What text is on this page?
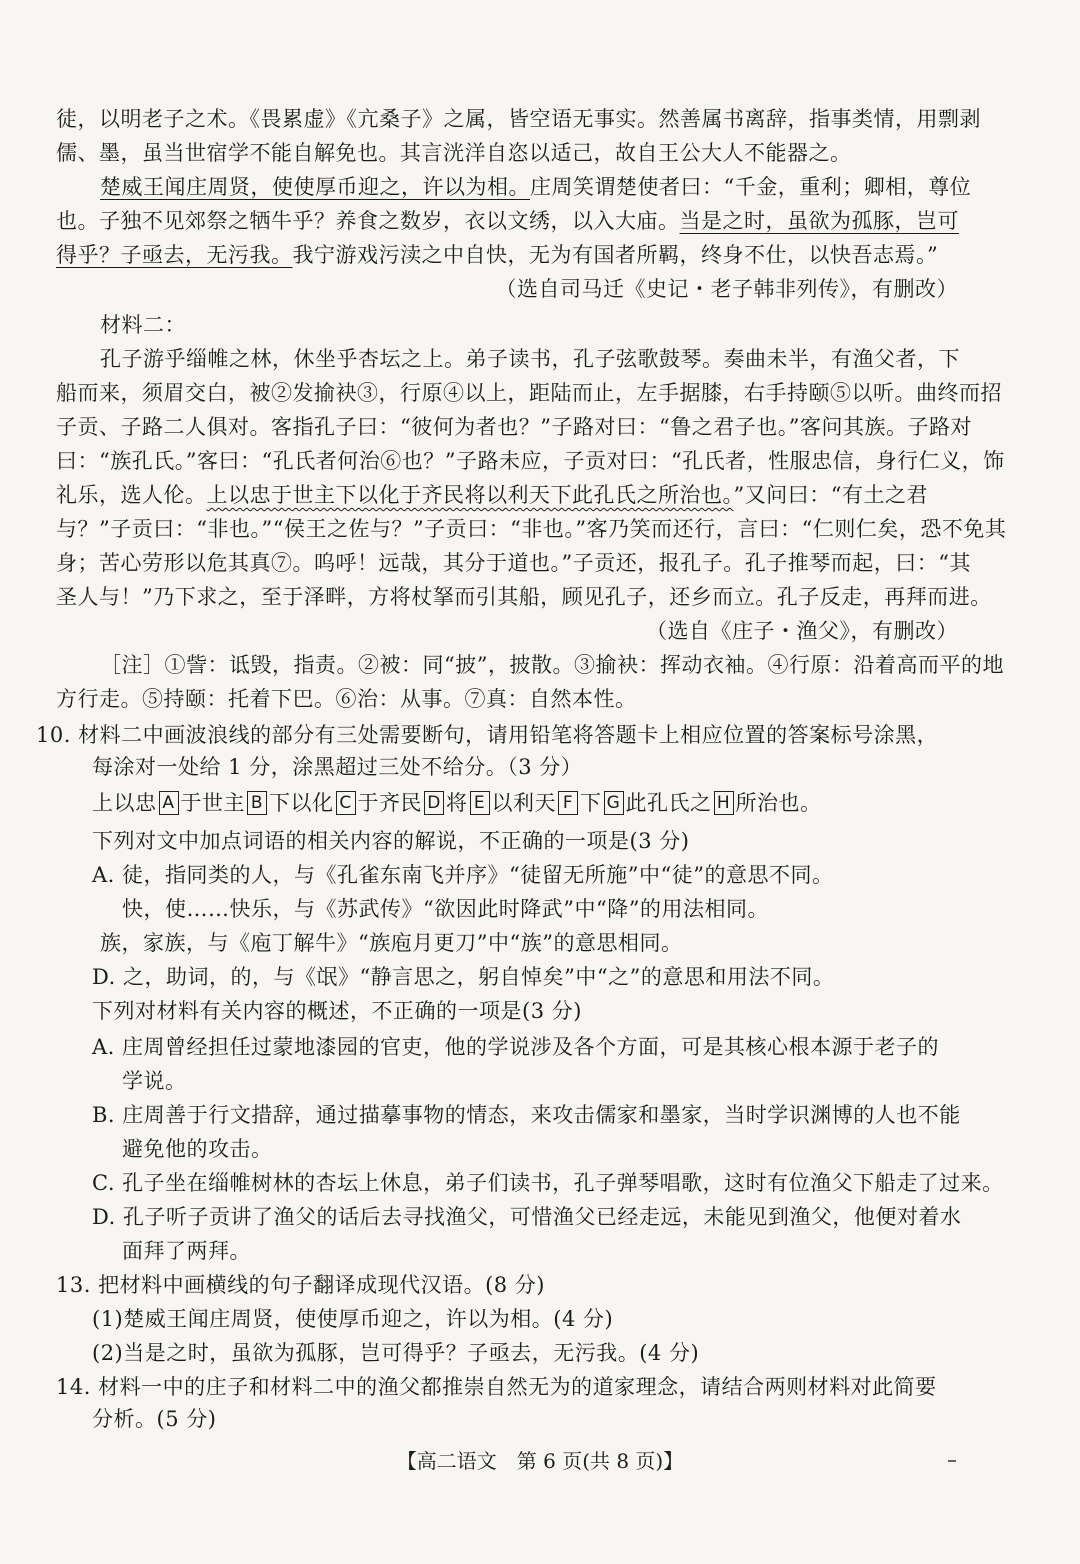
徒，以明老子之术。《畏累虚》《亢桑子》之属，皆空语无事实。然善属书离辞，指事类情，用剽剥
儒、墨，虽当世宿学不能自解免也。其言洸洋自恣以适己，故自王公大人不能器之。
楚威王闻庄周贤，使使厚币迎之，许以为相。庄周笑谓楚使者曰：“千金，重利；卿相，尊位
也。子独不见郊祭之牺牛乎？养食之数岁，衣以文绣，以入大庙。当是之时，虽欲为孤豚，岂可
得乎？子亟去，无污我。我宁游戏污渎之中自快，无为有国者所羁，终身不仕，以快吾志焉。”
（选自司马迁《史记・老子韩非列传》，有删改）
材料二：
孔子游乎缁帷之林，休坐乎杏坛之上。弟子读书，孔子弦歌鼓琴。奏曲未半，有渔父者，下
船而来，须眉交白，被②发揄袂③，行原④以上，距陆而止，左手据膝，右手持颐⑤以听。曲终而招
子贡、子路二人俱对。客指孔子曰：“彼何为者也？”子路对曰：“鲁之君子也。”客问其族。子路对
曰：“族孔氏。”客曰：“孔氏者何治⑥也？”子路未应，子贡对曰：“孔氏者，性服忠信，身行仁义，饰
礼乐，选人伦。上以忠于世主下以化于齐民将以利天下此孔氏之所治也。”又问曰：“有土之君
与？”子贡曰：“非也。”“侯王之佐与？”子贡曰：“非也。”客乃笑而还行，言曰：“仁则仁矣，恐不免其
身；苦心劳形以危其真⑦。呜呼！远哉，其分于道也。”子贡还，报孔子。孔子推琴而起，曰：“其
圣人与！”乃下求之，至于泽畔，方将杖拏而引其船，顾见孔子，还乡而立。孔子反走，再拜而进。
（选自《庄子・渔父》，有删改）
［注］①訾：诋毁，指责。②被：同“披”，披散。③揄袂：挥动衣袖。④行原：沿着高而平的地
方行走。⑤持颐：托着下巴。⑥治：从事。⑦真：自然本性。
10. 材料二中画波浪线的部分有三处需要断句，请用铅笔将答题卡上相应位置的答案标号涂黑，
每涂对一处给 1 分，涂黑超过三处不给分。（3 分）
上以忠 A 于世主 B 下以化 C 于齐民 D 将 E 以利天 F 下 G 此孔氏之 H 所治也。
下列对文中加点词语的相关内容的解说，不正确的一项是(3 分)
A. 徒，指同类的人，与《孔雀东南飞并序》“徒留无所施”中“徒”的意思不同。
快，使……快乐，与《苏武传》“欲因此时降武”中“降”的用法相同。
族，家族，与《庖丁解牛》“族庖月更刀”中“族”的意思相同。
D. 之，助词，的，与《氓》“静言思之，躬自悼矣”中“之”的意思和用法不同。
下列对材料有关内容的概述，不正确的一项是(3 分)
A. 庄周曾经担任过蒙地漆园的官吏，他的学说涉及各个方面，可是其核心根本源于老子的
学说。
B. 庄周善于行文措辞，通过描摹事物的情态，来攻击儒家和墨家，当时学识渊博的人也不能
避免他的攻击。
C. 孔子坐在缁帷树林的杏坛上休息，弟子们读书，孔子弹琴唱歌，这时有位渔父下船走了过来。
D. 孔子听子贡讲了渔父的话后去寻找渔父，可惜渔父已经走远，未能见到渔父，他便对着水
面拜了两拜。
13. 把材料中画横线的句子翻译成现代汉语。(8 分)
(1)楚威王闻庄周贤，使使厚币迎之，许以为相。(4 分)
(2)当是之时，虽欲为孤豚，岂可得乎？子亟去，无污我。(4 分)
14. 材料一中的庄子和材料二中的渔父都推崇自然无为的道家理念，请结合两则材料对此简要
分析。(5 分)
【高二语文　第 6 页(共 8 页)】
